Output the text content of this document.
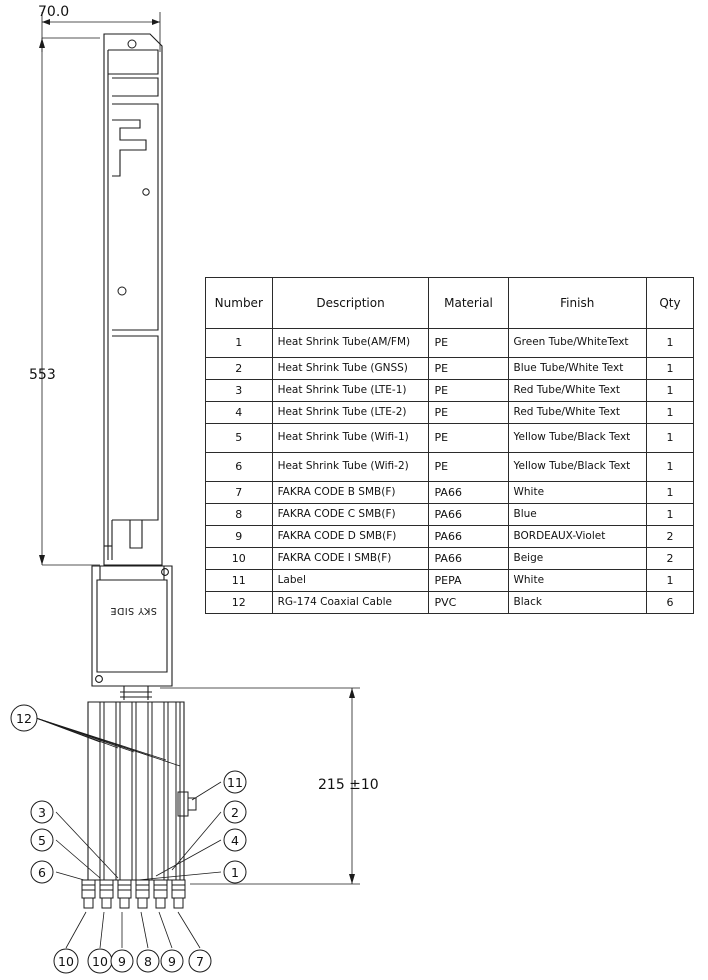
70.0
553
215 ±10
SKY SIDE
12
3
5
6
11
2
4
1
10 10 9	8	9	7
Number	Description	Material	Finish	Qty
1	Heat Shrink Tube(AM/FM)	PE	Green Tube/WhiteText	1
2	Heat Shrink Tube (GNSS)	PE	Blue Tube/White Text	1
3	Heat Shrink Tube (LTE-1)	PE	Red Tube/White Text	1
4	Heat Shrink Tube (LTE-2)	PE	Red Tube/White Text	1
5	Heat Shrink Tube (Wifi-1)	PE	Yellow Tube/Black Text	1
6	Heat Shrink Tube (Wifi-2)	PE	Yellow Tube/Black Text	1
7	FAKRA CODE B SMB(F)	PA66	White	1
8	FAKRA CODE C SMB(F)	PA66	Blue	1
9	FAKRA CODE D SMB(F)	PA66	BORDEAUX-Violet	2
10	FAKRA CODE I SMB(F)	PA66	Beige	2
11	Label	PEPA	White	1
12	RG-174 Coaxial Cable	PVC	Black	6
